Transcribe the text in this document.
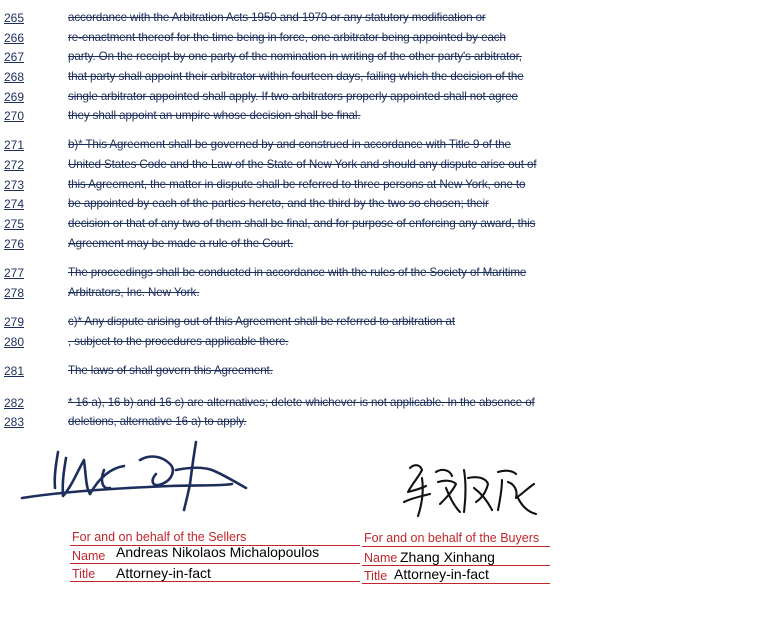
265	accordance with the Arbitration Acts 1950 and 1979 or any statutory modification or
266	re-enactment thereof for the time being in force, one arbitrator being appointed by each
267	party. On the receipt by one party of the nomination in writing of the other party's arbitrator,
268	that party shall appoint their arbitrator within fourteen days, failing which the decision of the
269	single arbitrator appointed shall apply. If two arbitrators properly appointed shall not agree
270	they shall appoint an umpire whose decision shall be final.
271	b)* This Agreement shall be governed by and construed in accordance with Title 9 of the
272	United States Code and the Law of the State of New York and should any dispute arise out of
273	this Agreement, the matter in dispute shall be referred to three persons at New York, one to
274	be appointed by each of the parties hereto, and the third by the two so chosen; their
275	decision or that of any two of them shall be final, and for purpose of enforcing any award, this
276	Agreement may be made a rule of the Court.
277	The proceedings shall be conducted in accordance with the rules of the Society of Maritime
278	Arbitrators, Inc. New York.
279	c)* Any dispute arising out of this Agreement shall be referred to arbitration at
280	, subject to the procedures applicable there.
281	The laws of shall govern this Agreement.
282	* 16 a), 16 b) and 16 c) are alternatives; delete whichever is not applicable. In the absence of
283	deletions, alternative 16 a) to apply.
For and on behalf of the Sellers
Name Andreas Nikolaos Michalopoulos
Title Attorney-in-fact
For and on behalf of the Buyers
Name Zhang Xinhang
Title Attorney-in-fact
